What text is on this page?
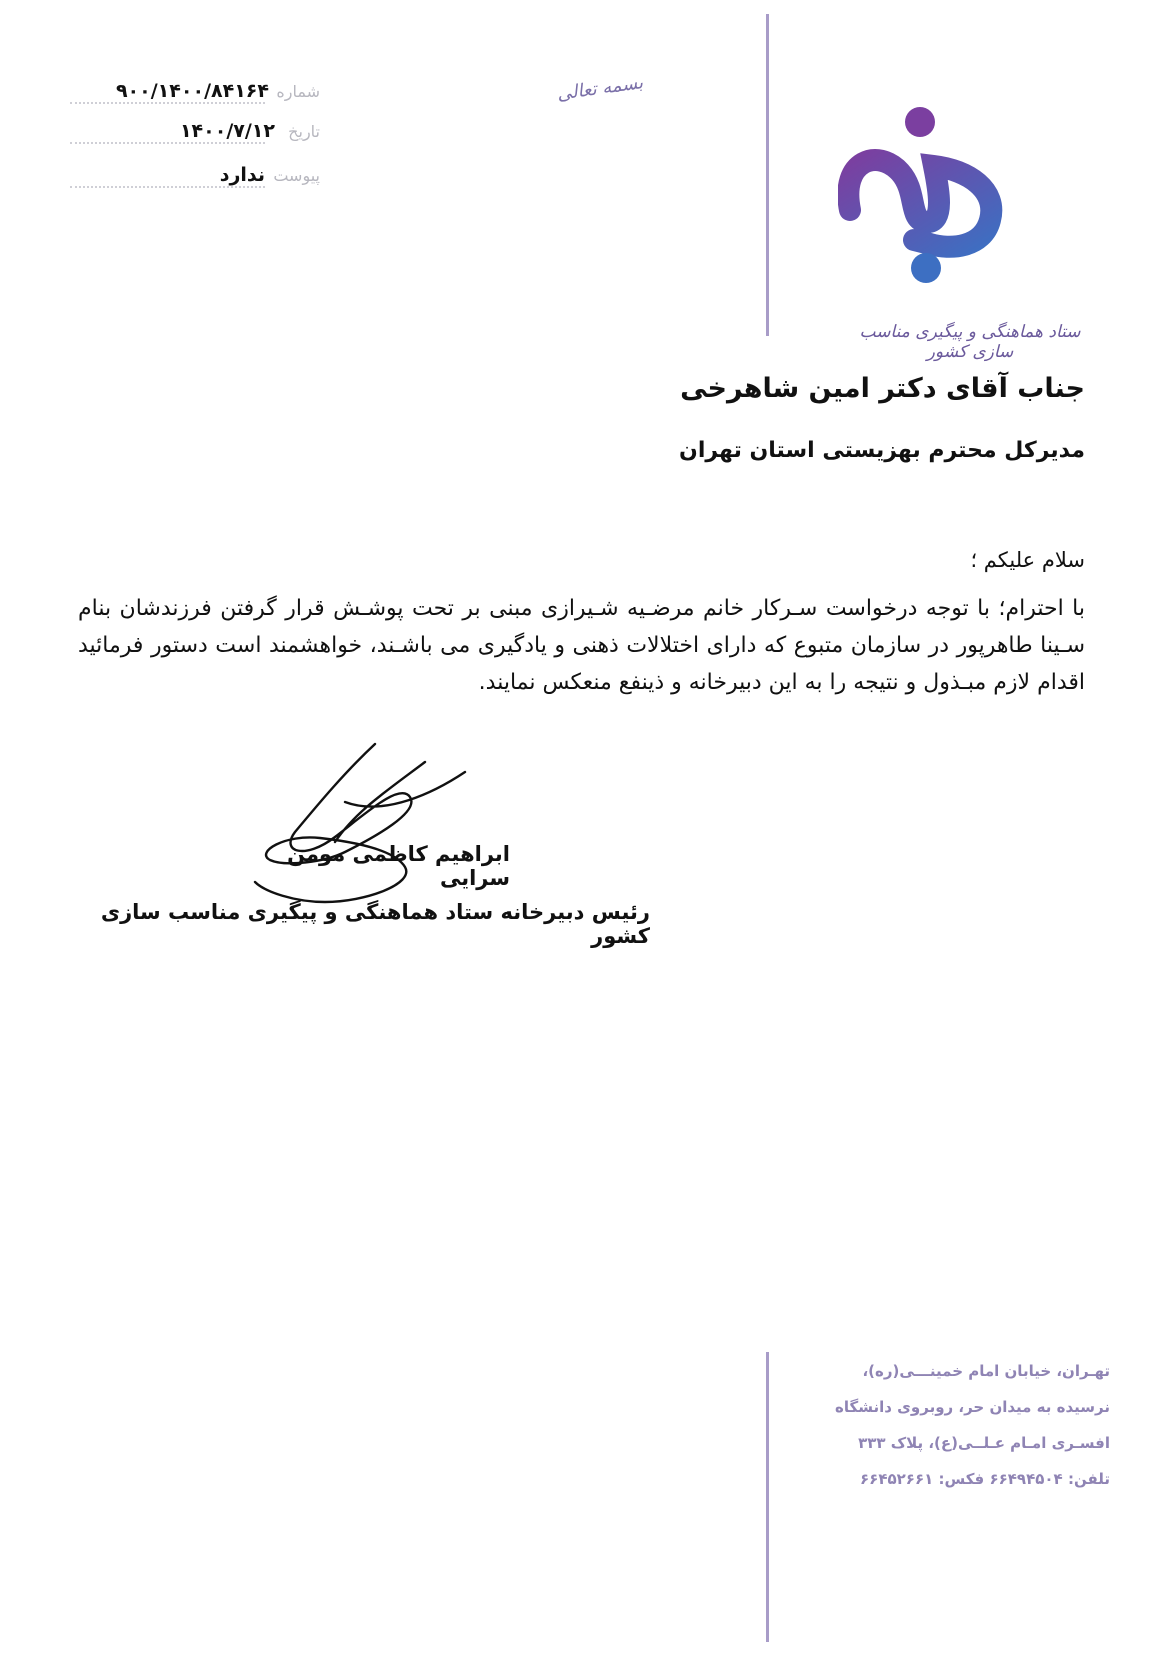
بسمه تعالی
شماره
۹۰۰/۱۴۰۰/۸۴۱۶۴
تاریخ
۱۴۰۰/۷/۱۲
پیوست
ندارد
ستاد هماهنگی و پیگیری مناسب سازی کشور
جناب آقای دکتر امین شاهرخی
مدیرکل محترم بهزیستی استان تهران
سلام علیکم ؛
با احترام؛ با توجه درخواست سـرکار خانم مرضـیه شـیرازی مبنی بر تحت پوشـش قرار گرفتن فرزندشان بنام سـینا طاهرپور در سازمان متبوع که دارای اختلالات ذهنی و یادگیری می باشـند، خواهشمند است دستور فرمائید اقدام لازم مبـذول و نتیجه را به این دبیرخانه و ذینفع منعکس نمایند.
ابراهیم کاظمی مومن سرایی
رئیس دبیرخانه ستاد هماهنگی و پیگیری مناسب سازی کشور
تهـران، خیابان امام خمینـــی(ره)،
نرسیده به میدان حر، روبروی دانشگاه
افسـری امـام عـلــی(ع)، پلاک ۳۳۳
تلفن: ۶۶۴۹۴۵۰۴ فکس: ۶۶۴۵۲۶۶۱
